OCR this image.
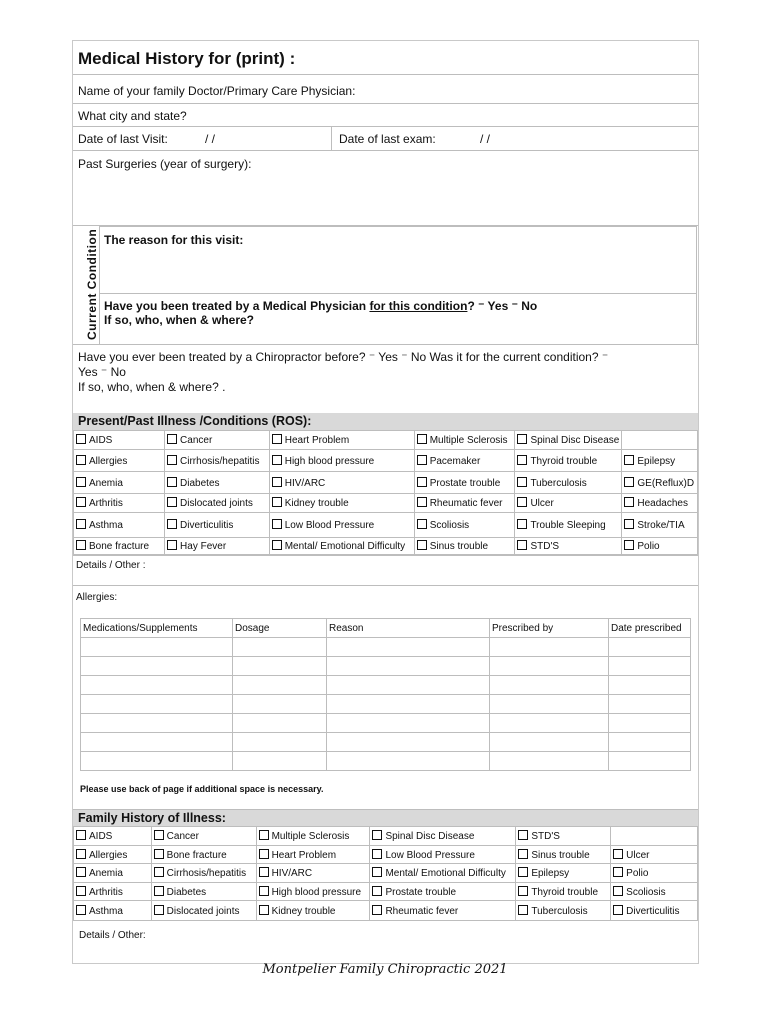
Medical History for (print) :
Name of your family Doctor/Primary Care Physician:
What city and state?
Date of last Visit:	/ /	Date of last exam:	/ /
Past Surgeries (year of surgery):
Current Condition The reason for this visit:
Have you been treated by a Medical Physician for this condition? ⁻ Yes ⁻ No
If so, who, when & where?
Have you ever been treated by a Chiropractor before? ⁻ Yes ⁻ No Was it for the current condition? ⁻
Yes ⁻ No
If so, who, when & where? .
Present/Past Illness /Conditions (ROS):
AIDS	Cancer	Heart Problem	Multiple Sclerosis	Spinal Disc Disease	
Allergies	Cirrhosis/hepatitis	High blood pressure	Pacemaker	Thyroid trouble	Epilepsy
Anemia	Diabetes	HIV/ARC	Prostate trouble	Tuberculosis	GE(Reflux)D
Arthritis	Dislocated joints	Kidney trouble	Rheumatic fever	Ulcer	Headaches
Asthma	Diverticulitis	Low Blood Pressure	Scoliosis	Trouble Sleeping	Stroke/TIA
Bone fracture	Hay Fever	Mental/ Emotional Difficulty	Sinus trouble	STD'S	Polio
Details / Other :
Allergies:
Medications/Supplements	Dosage	Reason	Prescribed by	Date prescribed

Please use back of page if additional space is necessary.
Family History of Illness:
AIDS	Cancer	Multiple Sclerosis	Spinal Disc Disease	STD'S	
Allergies	Bone fracture	Heart Problem	Low Blood Pressure	Sinus trouble	Ulcer
Anemia	Cirrhosis/hepatitis	HIV/ARC	Mental/ Emotional Difficulty	Epilepsy	Polio
Arthritis	Diabetes	High blood pressure	Prostate trouble	Thyroid trouble	Scoliosis
Asthma	Dislocated joints	Kidney trouble	Rheumatic fever	Tuberculosis	Diverticulitis
Details / Other:
Montpelier Family Chiropractic 2021
